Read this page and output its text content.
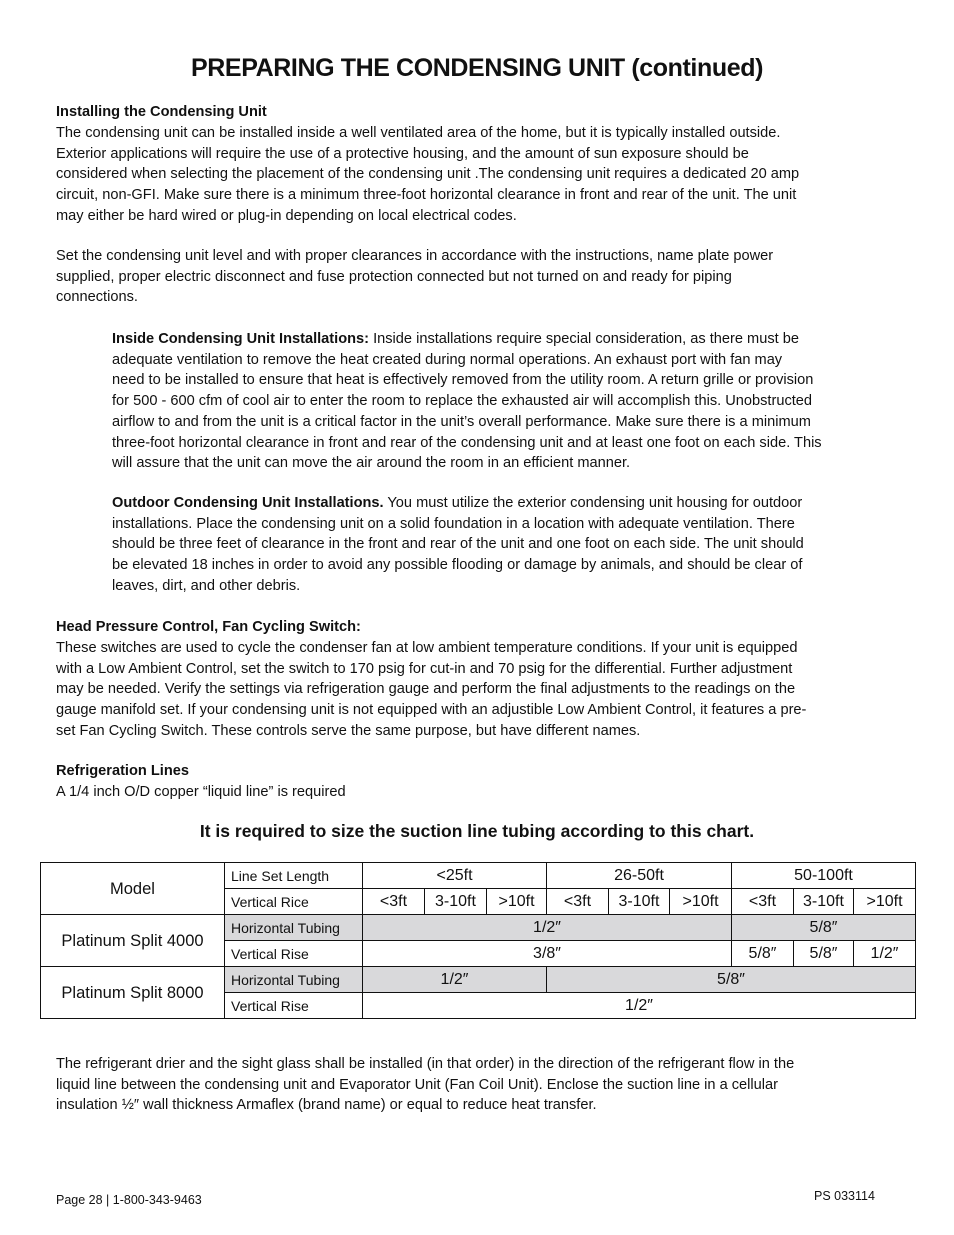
PREPARING THE CONDENSING UNIT (continued)
Installing the Condensing Unit
The condensing unit can be installed inside a well ventilated area of the home, but it is typically installed outside.
Exterior applications will require the use of a protective housing, and the amount of sun exposure should be
considered when selecting the placement of the condensing unit .The condensing unit requires a dedicated 20 amp
circuit, non-GFI. Make sure there is a minimum three-foot horizontal clearance in front and rear of the unit. The unit
may either be hard wired or plug-in depending on local electrical codes.
Set the condensing unit level and with proper clearances in accordance with the instructions, name plate power
supplied, proper electric disconnect and fuse protection connected but not turned on and ready for piping
connections.
Inside Condensing Unit Installations: Inside installations require special consideration, as there must be
adequate ventilation to remove the heat created during normal operations. An exhaust port with fan may
need to be installed to ensure that heat is effectively removed from the utility room. A return grille or provision
for 500 - 600 cfm of cool air to enter the room to replace the exhausted air will accomplish this. Unobstructed
airflow to and from the unit is a critical factor in the unit’s overall performance. Make sure there is a minimum
three-foot horizontal clearance in front and rear of the condensing unit and at least one foot on each side. This
will assure that the unit can move the air around the room in an efficient manner.
Outdoor Condensing Unit Installations. You must utilize the exterior condensing unit housing for outdoor
installations. Place the condensing unit on a solid foundation in a location with adequate ventilation. There
should be three feet of clearance in the front and rear of the unit and one foot on each side. The unit should
be elevated 18 inches in order to avoid any possible flooding or damage by animals, and should be clear of
leaves, dirt, and other debris.
Head Pressure Control, Fan Cycling Switch:
These switches are used to cycle the condenser fan at low ambient temperature conditions. If your unit is equipped
with a Low Ambient Control, set the switch to 170 psig for cut-in and 70 psig for the differential. Further adjustment
may be needed. Verify the settings via refrigeration gauge and perform the final adjustments to the readings on the
gauge manifold set. If your condensing unit is not equipped with an adjustible Low Ambient Control, it features a pre-
set Fan Cycling Switch. These controls serve the same purpose, but have different names.
Refrigeration Lines
A 1/4 inch O/D copper “liquid line” is required
It is required to size the suction line tubing according to this chart.
Model	Line Set Length	<25ft			26-50ft			50-100ft		
	Vertical Rice	<3ft	3-10ft	>10ft	<3ft	3-10ft	>10ft	<3ft	3-10ft	>10ft
Platinum Split 4000	Horizontal Tubing	1/2″						5/8″		
	Vertical Rise	3/8″						5/8″	5/8″	1/2″
Platinum Split 8000	Horizontal Tubing	1/2″			5/8″					
	Vertical Rise	1/2″								
The refrigerant drier and the sight glass shall be installed (in that order) in the direction of the refrigerant flow in the
liquid line between the condensing unit and Evaporator Unit (Fan Coil Unit). Enclose the suction line in a cellular
insulation ½″ wall thickness Armaflex (brand name) or equal to reduce heat transfer.
Page 28 | 1-800-343-9463	PS 033114
